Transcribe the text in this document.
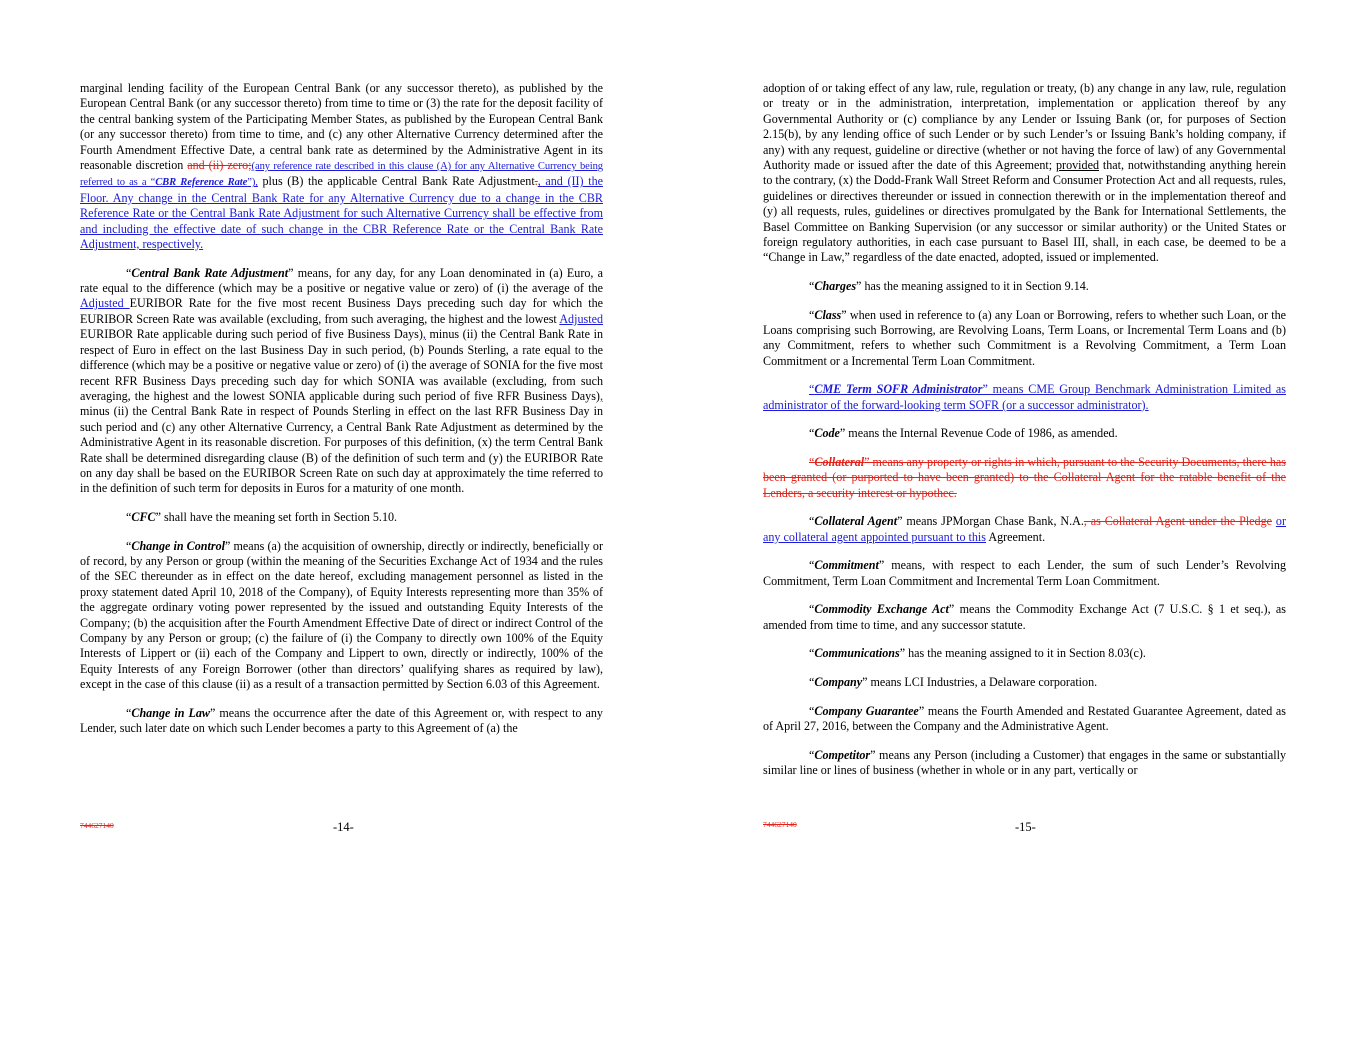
marginal lending facility of the European Central Bank (or any successor thereto), as published by the European Central Bank (or any successor thereto) from time to time or (3) the rate for the deposit facility of the central banking system of the Participating Member States, as published by the European Central Bank (or any successor thereto) from time to time, and (c) any other Alternative Currency determined after the Fourth Amendment Effective Date, a central bank rate as determined by the Administrative Agent in its reasonable discretion and (ii) zero;(any reference rate described in this clause (A) for any Alternative Currency being referred to as a “CBR Reference Rate”), plus (B) the applicable Central Bank Rate Adjustment., and (II) the Floor. Any change in the Central Bank Rate for any Alternative Currency due to a change in the CBR Reference Rate or the Central Bank Rate Adjustment for such Alternative Currency shall be effective from and including the effective date of such change in the CBR Reference Rate or the Central Bank Rate Adjustment, respectively.

“Central Bank Rate Adjustment” means, for any day, for any Loan denominated in (a) Euro, a rate equal to the difference (which may be a positive or negative value or zero) of (i) the average of the Adjusted EURIBOR Rate for the five most recent Business Days preceding such day for which the EURIBOR Screen Rate was available (excluding, from such averaging, the highest and the lowest Adjusted EURIBOR Rate applicable during such period of five Business Days), minus (ii) the Central Bank Rate in respect of Euro in effect on the last Business Day in such period, (b) Pounds Sterling, a rate equal to the difference (which may be a positive or negative value or zero) of (i) the average of SONIA for the five most recent RFR Business Days preceding such day for which SONIA was available (excluding, from such averaging, the highest and the lowest SONIA applicable during such period of five RFR Business Days), minus (ii) the Central Bank Rate in respect of Pounds Sterling in effect on the last RFR Business Day in such period and (c) any other Alternative Currency, a Central Bank Rate Adjustment as determined by the Administrative Agent in its reasonable discretion. For purposes of this definition, (x) the term Central Bank Rate shall be determined disregarding clause (B) of the definition of such term and (y) the EURIBOR Rate on any day shall be based on the EURIBOR Screen Rate on such day at approximately the time referred to in the definition of such term for deposits in Euros for a maturity of one month.

“CFC” shall have the meaning set forth in Section 5.10.

“Change in Control” means (a) the acquisition of ownership, directly or indirectly, beneficially or of record, by any Person or group (within the meaning of the Securities Exchange Act of 1934 and the rules of the SEC thereunder as in effect on the date hereof, excluding management personnel as listed in the proxy statement dated April 10, 2018 of the Company), of Equity Interests representing more than 35% of the aggregate ordinary voting power represented by the issued and outstanding Equity Interests of the Company; (b) the acquisition after the Fourth Amendment Effective Date of direct or indirect Control of the Company by any Person or group; (c) the failure of (i) the Company to directly own 100% of the Equity Interests of Lippert or (ii) each of the Company and Lippert to own, directly or indirectly, 100% of the Equity Interests of any Foreign Borrower (other than directors’ qualifying shares as required by law), except in the case of this clause (ii) as a result of a transaction permitted by Section 6.03 of this Agreement.

“Change in Law” means the occurrence after the date of this Agreement or, with respect to any Lender, such later date on which such Lender becomes a party to this Agreement of (a) the

744627140	-14-

adoption of or taking effect of any law, rule, regulation or treaty, (b) any change in any law, rule, regulation or treaty or in the administration, interpretation, implementation or application thereof by any Governmental Authority or (c) compliance by any Lender or Issuing Bank (or, for purposes of Section 2.15(b), by any lending office of such Lender or by such Lender’s or Issuing Bank’s holding company, if any) with any request, guideline or directive (whether or not having the force of law) of any Governmental Authority made or issued after the date of this Agreement; provided that, notwithstanding anything herein to the contrary, (x) the Dodd-Frank Wall Street Reform and Consumer Protection Act and all requests, rules, guidelines or directives thereunder or issued in connection therewith or in the implementation thereof and (y) all requests, rules, guidelines or directives promulgated by the Bank for International Settlements, the Basel Committee on Banking Supervision (or any successor or similar authority) or the United States or foreign regulatory authorities, in each case pursuant to Basel III, shall, in each case, be deemed to be a “Change in Law,” regardless of the date enacted, adopted, issued or implemented.

“Charges” has the meaning assigned to it in Section 9.14.

“Class” when used in reference to (a) any Loan or Borrowing, refers to whether such Loan, or the Loans comprising such Borrowing, are Revolving Loans, Term Loans, or Incremental Term Loans and (b) any Commitment, refers to whether such Commitment is a Revolving Commitment, a Term Loan Commitment or a Incremental Term Loan Commitment.

“CME Term SOFR Administrator” means CME Group Benchmark Administration Limited as administrator of the forward-looking term SOFR (or a successor administrator).

“Code” means the Internal Revenue Code of 1986, as amended.

“Collateral” means any property or rights in which, pursuant to the Security Documents, there has been granted (or purported to have been granted) to the Collateral Agent for the ratable benefit of the Lenders, a security interest or hypothec.

“Collateral Agent” means JPMorgan Chase Bank, N.A., as Collateral Agent under the Pledge or any collateral agent appointed pursuant to this Agreement.

“Commitment” means, with respect to each Lender, the sum of such Lender’s Revolving Commitment, Term Loan Commitment and Incremental Term Loan Commitment.

“Commodity Exchange Act” means the Commodity Exchange Act (7 U.S.C. § 1 et seq.), as amended from time to time, and any successor statute.

“Communications” has the meaning assigned to it in Section 8.03(c).

“Company” means LCI Industries, a Delaware corporation.

“Company Guarantee” means the Fourth Amended and Restated Guarantee Agreement, dated as of April 27, 2016, between the Company and the Administrative Agent.

“Competitor” means any Person (including a Customer) that engages in the same or substantially similar line or lines of business (whether in whole or in any part, vertically or

744627140	-15-
